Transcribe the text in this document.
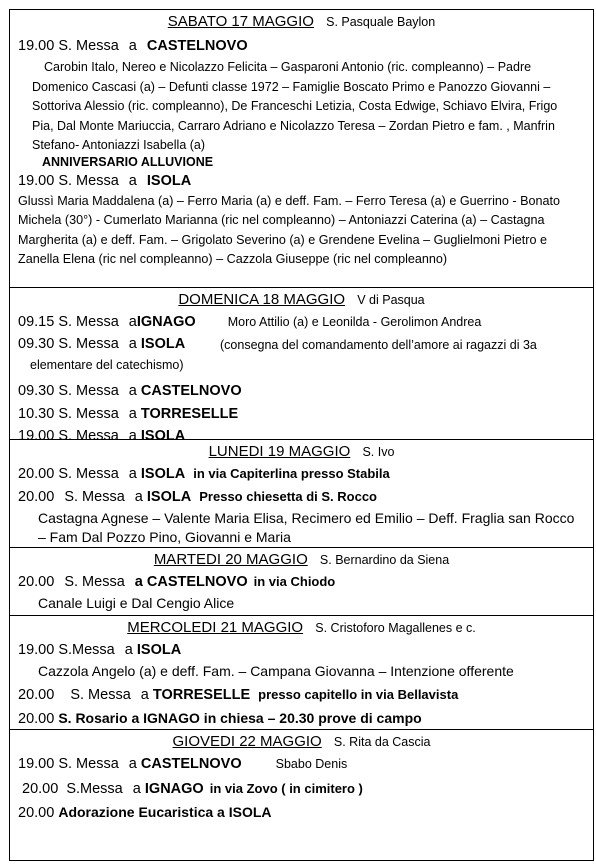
SABATO 17 MAGGIO S. Pasquale Baylon
19.00 S. Messa a CASTELNOVO
Carobin Italo, Nereo e Nicolazzo Felicita – Gasparoni Antonio (ric. compleanno) – Padre Domenico Cascasi (a) – Defunti classe 1972 – Famiglie Boscato Primo e Panozzo Giovanni – Sottoriva Alessio (ric. compleanno), De Franceschi Letizia, Costa Edwige, Schiavo Elvira, Frigo Pia, Dal Monte Mariuccia, Carraro Adriano e Nicolazzo Teresa – Zordan Pietro e fam. , Manfrin Stefano- Antoniazzi Isabella (a)
ANNIVERSARIO ALLUVIONE
19.00 S. Messa a ISOLA
Glussì Maria Maddalena (a) – Ferro Maria (a) e deff. Fam. – Ferro Teresa (a) e Guerrino - Bonato Michela (30°) - Cumerlato Marianna (ric nel compleanno) – Antoniazzi Caterina (a) – Castagna Margherita (a) e deff. Fam. – Grigolato Severino (a) e Grendene Evelina – Guglielmoni Pietro e Zanella Elena (ric nel compleanno) – Cazzola Giuseppe (ric nel compleanno)
DOMENICA 18 MAGGIO V di Pasqua
09.15 S. Messa aIGNAGO	Moro Attilio (a) e Leonilda - Gerolimon Andrea
09.30 S. Messa a ISOLA	(consegna del comandamento dell’amore ai ragazzi di 3a elementare del catechismo)
09.30 S. Messa a CASTELNOVO
10.30 S. Messa a TORRESELLE
19.00 S. Messa a ISOLA
LUNEDI 19 MAGGIO S. Ivo
20.00 S. Messa a ISOLA in via Capiterlina presso Stabila
20.00 S. Messa a ISOLA Presso chiesetta di S. Rocco
Castagna Agnese – Valente Maria Elisa, Recimero ed Emilio – Deff. Fraglia san Rocco – Fam Dal Pozzo Pino, Giovanni e Maria
MARTEDI 20 MAGGIO S. Bernardino da Siena
20.00 S. Messa a CASTELNOVO in via Chiodo
Canale Luigi e Dal Cengio Alice
MERCOLEDI 21 MAGGIO S. Cristoforo Magallenes e c.
19.00 S.Messa a ISOLA
Cazzola Angelo (a) e deff. Fam. – Campana Giovanna – Intenzione offerente
20.00 S. Messa a TORRESELLE presso capitello in via Bellavista
20.00 S. Rosario a IGNAGO in chiesa – 20.30 prove di campo
GIOVEDI 22 MAGGIO S. Rita da Cascia
19.00 S. Messa a CASTELNOVO	Sbabo Denis
20.00 S.Messa a IGNAGO in via Zovo ( in cimitero )
20.00 Adorazione Eucaristica a ISOLA
